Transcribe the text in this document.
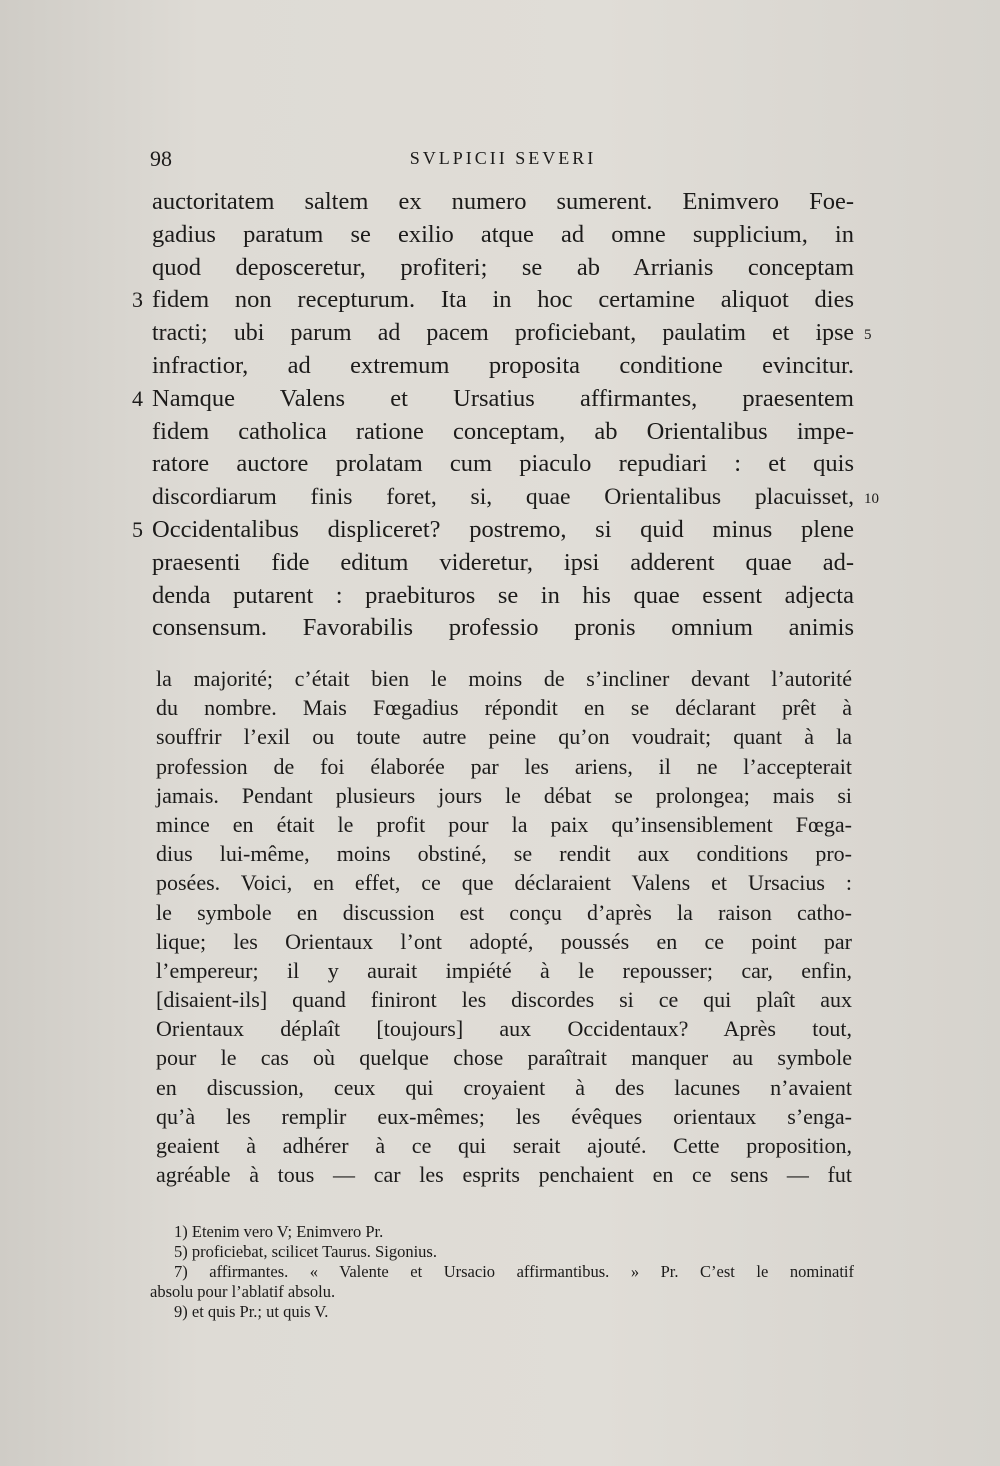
98	SVLPICII SEVERI
auctoritatem saltem ex numero sumerent. Enimvero Foe-
gadius paratum se exilio atque ad omne supplicium, in
quod deposceretur, profiteri; se ab Arrianis conceptam
3 fidem non recepturum. Ita in hoc certamine aliquot dies
tracti; ubi parum ad pacem proficiebant, paulatim et ipse 5
infractior, ad extremum proposita conditione evincitur.
4 Namque Valens et Ursatius affirmantes, praesentem
fidem catholica ratione conceptam, ab Orientalibus impe-
ratore auctore prolatam cum piaculo repudiari : et quis
discordiarum finis foret, si, quae Orientalibus placuisset, 10
5 Occidentalibus displiceret? postremo, si quid minus plene
praesenti fide editum videretur, ipsi adderent quae ad-
denda putarent : praebituros se in his quae essent adjecta
consensum. Favorabilis professio pronis omnium animis
la majorité; c’était bien le moins de s’incliner devant l’autorité
du nombre. Mais Fœgadius répondit en se déclarant prêt à
souffrir l’exil ou toute autre peine qu’on voudrait; quant à la
profession de foi élaborée par les ariens, il ne l’accepterait
jamais. Pendant plusieurs jours le débat se prolongea; mais si
mince en était le profit pour la paix qu’insensiblement Fœga-
dius lui-même, moins obstiné, se rendit aux conditions pro-
posées. Voici, en effet, ce que déclaraient Valens et Ursacius :
le symbole en discussion est conçu d’après la raison catho-
lique; les Orientaux l’ont adopté, poussés en ce point par
l’empereur; il y aurait impiété à le repousser; car, enfin,
[disaient-ils] quand finiront les discordes si ce qui plaît aux
Orientaux déplaît [toujours] aux Occidentaux? Après tout,
pour le cas où quelque chose paraîtrait manquer au symbole
en discussion, ceux qui croyaient à des lacunes n’avaient
qu’à les remplir eux-mêmes; les évêques orientaux s’enga-
geaient à adhérer à ce qui serait ajouté. Cette proposition,
agréable à tous — car les esprits penchaient en ce sens — fut
1) Etenim vero V; Enimvero Pr.
5) proficiebat, scilicet Taurus. Sigonius.
7) affirmantes. « Valente et Ursacio affirmantibus. » Pr. C’est le nominatif
absolu pour l’ablatif absolu.
9) et quis Pr.; ut quis V.
